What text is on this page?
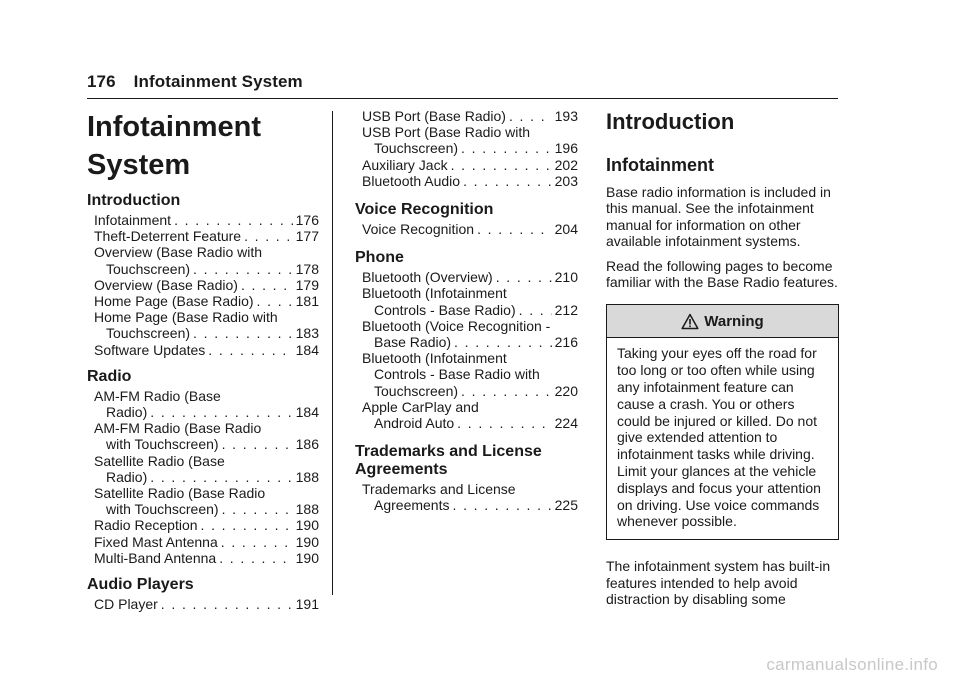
176 Infotainment System
Infotainment System
Introduction
Infotainment . . .	176
Theft-Deterrent Feature . . .	177
Overview (Base Radio with
Touchscreen) . . .	178
Overview (Base Radio) . . .	179
Home Page (Base Radio) . . .	181
Home Page (Base Radio with
Touchscreen) . . .	183
Software Updates . . .	184
Radio
AM-FM Radio (Base
Radio) . . .	184
AM-FM Radio (Base Radio
with Touchscreen) . . .	186
Satellite Radio (Base
Radio) . . .	188
Satellite Radio (Base Radio
with Touchscreen) . . .	188
Radio Reception . . .	190
Fixed Mast Antenna . . .	190
Multi-Band Antenna . . .	190
Audio Players
CD Player . . .	191
USB Port (Base Radio) . . .	193
USB Port (Base Radio with
Touchscreen) . . .	196
Auxiliary Jack . . .	202
Bluetooth Audio . . .	203
Voice Recognition
Voice Recognition . . .	204
Phone
Bluetooth (Overview) . . .	210
Bluetooth (Infotainment
Controls - Base Radio) . . .	212
Bluetooth (Voice Recognition -
Base Radio) . . .	216
Bluetooth (Infotainment
Controls - Base Radio with
Touchscreen) . . .	220
Apple CarPlay and
Android Auto . . .	224
Trademarks and License
Agreements
Trademarks and License
Agreements . . .	225
Introduction
Infotainment

Base radio information is included in this manual. See the infotainment manual for information on other available infotainment systems.

Read the following pages to become familiar with the Base Radio features.

Warning
Taking your eyes off the road for too long or too often while using any infotainment feature can cause a crash. You or others could be injured or killed. Do not give extended attention to infotainment tasks while driving. Limit your glances at the vehicle displays and focus your attention on driving. Use voice commands whenever possible.

The infotainment system has built-in features intended to help avoid distraction by disabling some

carmanualsonline.info
